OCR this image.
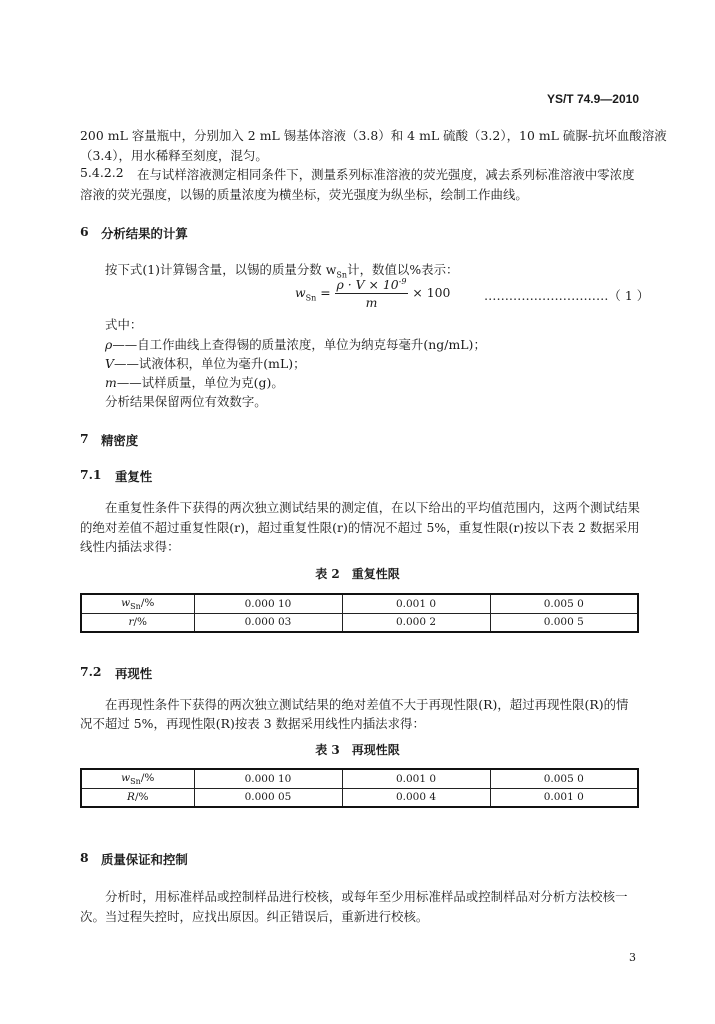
YS/T 74.9—2010
200 mL 容量瓶中，分别加入 2 mL 锡基体溶液（3.8）和 4 mL 硫酸（3.2），10 mL 硫脲-抗坏血酸溶液
（3.4），用水稀释至刻度，混匀。
5.4.2.2 在与试样溶液测定相同条件下，测量系列标准溶液的荧光强度，减去系列标准溶液中零浓度
溶液的荧光强度，以锡的质量浓度为横坐标，荧光强度为纵坐标，绘制工作曲线。
6 分析结果的计算
按下式(1)计算锡含量，以锡的质量分数 $w_{Sn}$计，数值以%表示：
$w_{Sn} = \frac{\rho \cdot V \times 10^{-9}}{m} \times 100$	…………………………（ 1 ）
式中：
ρ——自工作曲线上查得锡的质量浓度，单位为纳克每毫升(ng/mL)；
V——试液体积，单位为毫升(mL)；
m——试样质量，单位为克(g)。
分析结果保留两位有效数字。
7 精密度
7.1 重复性
在重复性条件下获得的两次独立测试结果的测定值，在以下给出的平均值范围内，这两个测试结果
的绝对差值不超过重复性限(r)，超过重复性限(r)的情况不超过 5%，重复性限(r)按以下表 2 数据采用
线性内插法求得：
表 2　重复性限
$w_{Sn}/\%$	0.000 10	0.001 0	0.005 0
r/%	0.000 03	0.000 2	0.000 5
7.2 再现性
在再现性条件下获得的两次独立测试结果的绝对差值不大于再现性限(R)，超过再现性限(R)的情
况不超过 5%，再现性限(R)按表 3 数据采用线性内插法求得：
表 3　再现性限
$w_{Sn}/\%$	0.000 10	0.001 0	0.005 0
R/%	0.000 05	0.000 4	0.001 0
8 质量保证和控制
分析时，用标准样品或控制样品进行校核，或每年至少用标准样品或控制样品对分析方法校核一
次。当过程失控时，应找出原因。纠正错误后，重新进行校核。
3
